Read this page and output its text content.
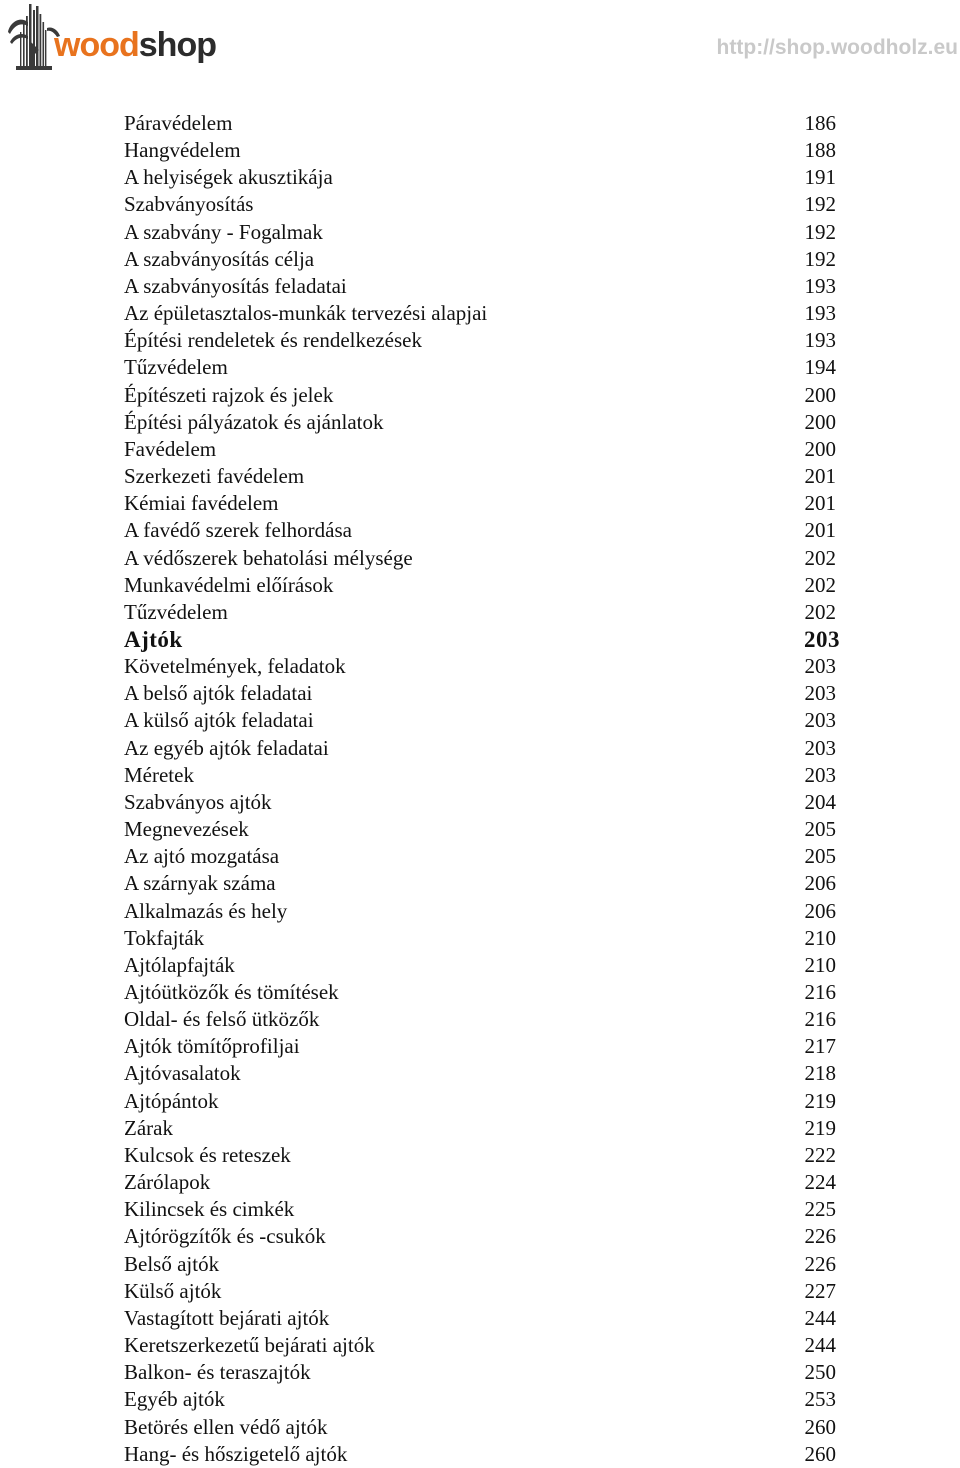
woodshop	http://shop.woodholz.eu
Páravédelem	186
Hangvédelem	188
A helyiségek akusztikája	191
Szabványosítás	192
A szabvány - Fogalmak	192
A szabványosítás célja	192
A szabványosítás feladatai	193
Az épületasztalos-munkák tervezési alapjai	193
Építési rendeletek és rendelkezések	193
Tűzvédelem	194
Építészeti rajzok és jelek	200
Építési pályázatok és ajánlatok	200
Favédelem	200
Szerkezeti favédelem	201
Kémiai favédelem	201
A favédő szerek felhordása	201
A védőszerek behatolási mélysége	202
Munkavédelmi előírások	202
Tűzvédelem	202
Ajtók	203
Követelmények, feladatok	203
A belső ajtók feladatai	203
A külső ajtók feladatai	203
Az egyéb ajtók feladatai	203
Méretek	203
Szabványos ajtók	204
Megnevezések	205
Az ajtó mozgatása	205
A szárnyak száma	206
Alkalmazás és hely	206
Tokfajták	210
Ajtólapfajták	210
Ajtóütközők és tömítések	216
Oldal- és felső ütközők	216
Ajtók tömítőprofiljai	217
Ajtóvasalatok	218
Ajtópántok	219
Zárak	219
Kulcsok és reteszek	222
Zárólapok	224
Kilincsek és cimkék	225
Ajtórögzítők és -csukók	226
Belső ajtók	226
Külső ajtók	227
Vastagított bejárati ajtók	244
Keretszerkezetű bejárati ajtók	244
Balkon- és teraszajtók	250
Egyéb ajtók	253
Betörés ellen védő ajtók	260
Hang- és hőszigetelő ajtók	260
